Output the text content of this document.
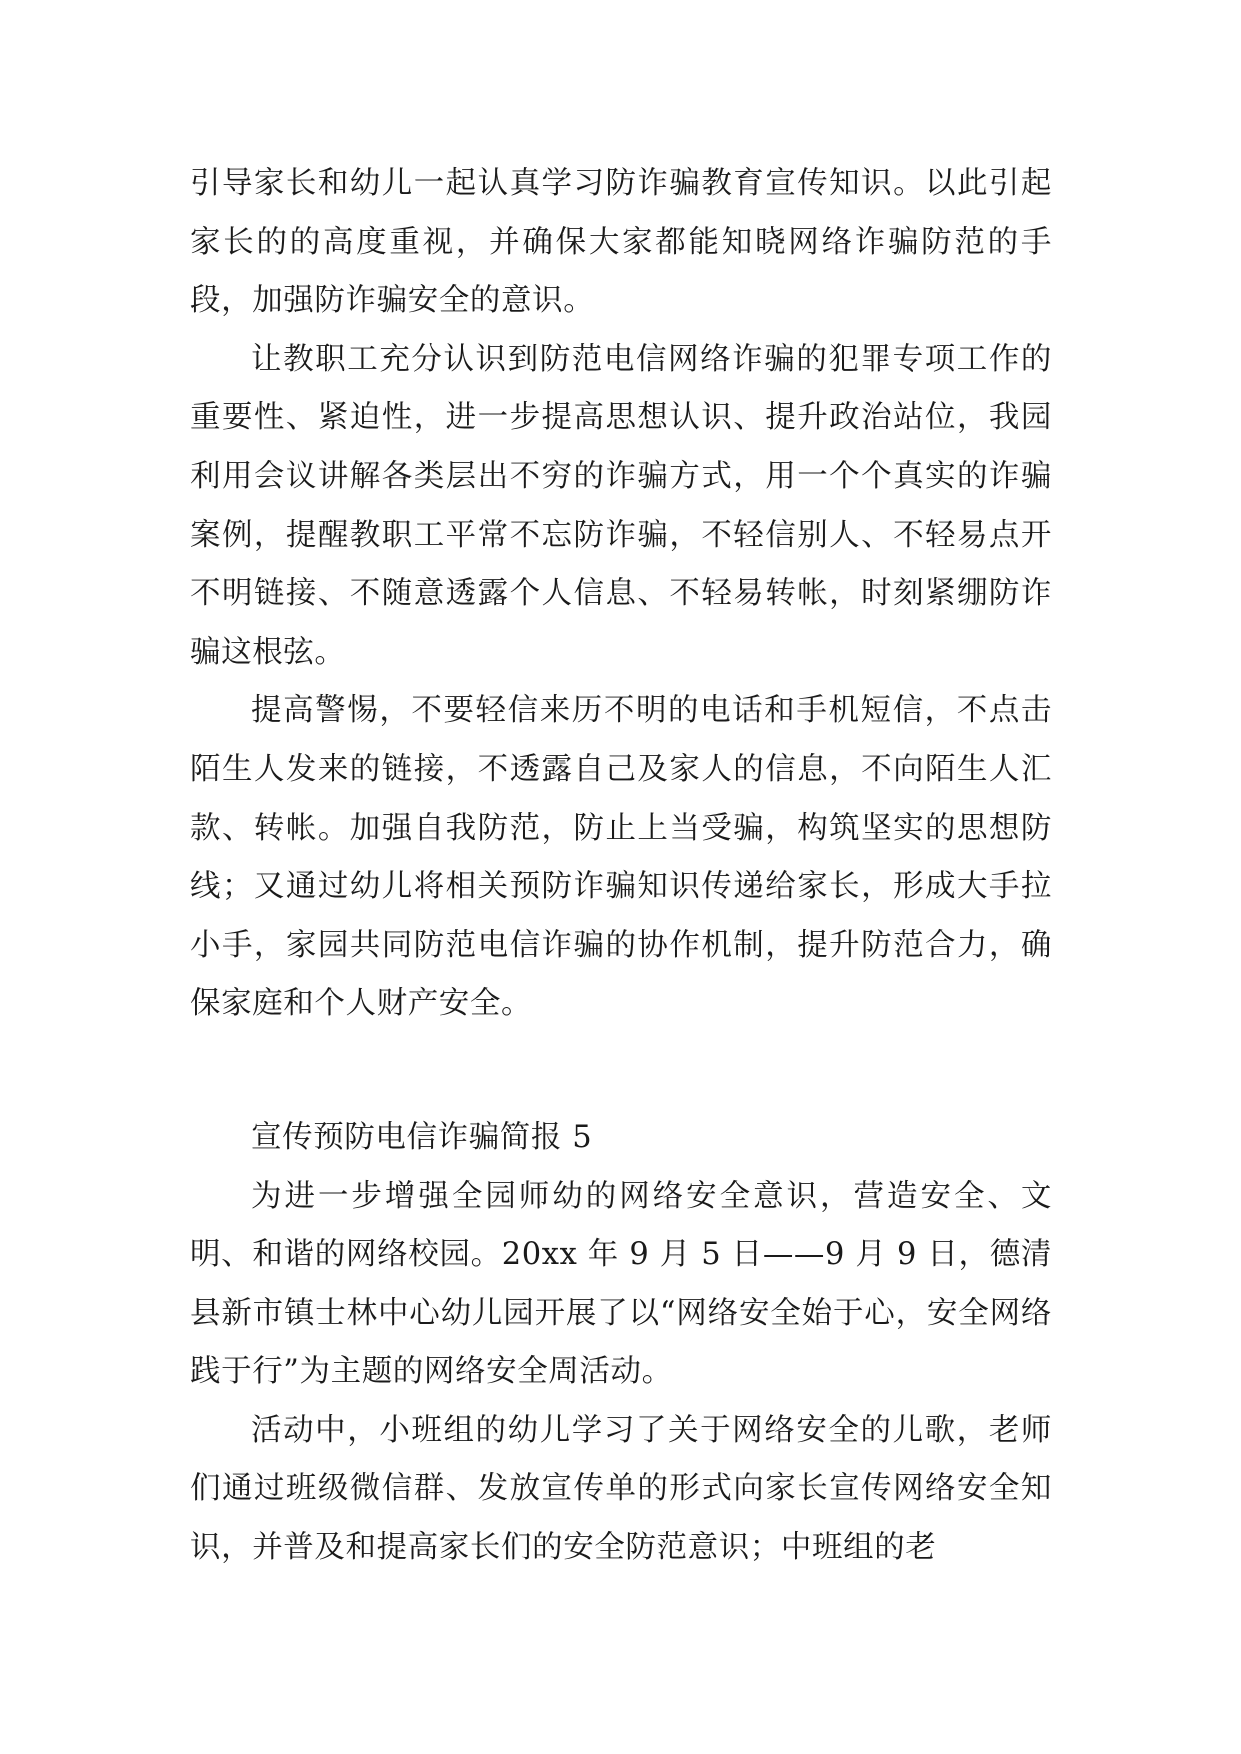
引导家长和幼儿一起认真学习防诈骗教育宣传知识。以此引起家长的的高度重视，并确保大家都能知晓网络诈骗防范的手段，加强防诈骗安全的意识。

让教职工充分认识到防范电信网络诈骗的犯罪专项工作的重要性、紧迫性，进一步提高思想认识、提升政治站位，我园利用会议讲解各类层出不穷的诈骗方式，用一个个真实的诈骗案例，提醒教职工平常不忘防诈骗，不轻信别人、不轻易点开不明链接、不随意透露个人信息、不轻易转帐，时刻紧绷防诈骗这根弦。

提高警惕，不要轻信来历不明的电话和手机短信，不点击陌生人发来的链接，不透露自己及家人的信息，不向陌生人汇款、转帐。加强自我防范，防止上当受骗，构筑坚实的思想防线；又通过幼儿将相关预防诈骗知识传递给家长，形成大手拉小手，家园共同防范电信诈骗的协作机制，提升防范合力，确保家庭和个人财产安全。

宣传预防电信诈骗简报 5

为进一步增强全园师幼的网络安全意识，营造安全、文明、和谐的网络校园。20xx 年 9 月 5 日——9 月 9 日，德清县新市镇士林中心幼儿园开展了以“网络安全始于心，安全网络践于行”为主题的网络安全周活动。

活动中，小班组的幼儿学习了关于网络安全的儿歌，老师们通过班级微信群、发放宣传单的形式向家长宣传网络安全知识，并普及和提高家长们的安全防范意识；中班组的老
